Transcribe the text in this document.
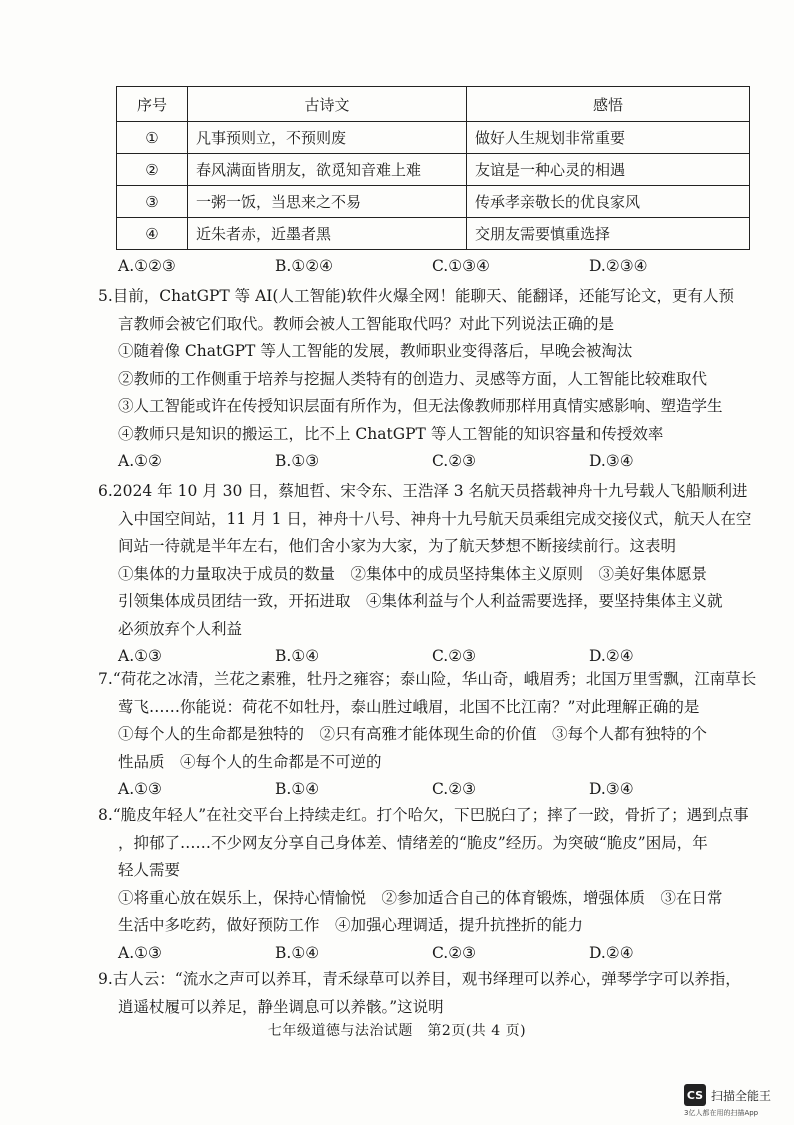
序号	古诗文	感悟
①	凡事预则立，不预则废	做好人生规划非常重要
②	春风满面皆朋友，欲觅知音难上难	友谊是一种心灵的相遇
③	一粥一饭，当思来之不易	传承孝亲敬长的优良家风
④	近朱者赤，近墨者黑	交朋友需要慎重选择
A.①②③	B.①②④	C.①③④	D.②③④
5.目前，ChatGPT 等 AI(人工智能)软件火爆全网！能聊天、能翻译，还能写论文，更有人预
言教师会被它们取代。教师会被人工智能取代吗？对此下列说法正确的是
①随着像 ChatGPT 等人工智能的发展，教师职业变得落后，早晚会被淘汰
②教师的工作侧重于培养与挖掘人类特有的创造力、灵感等方面，人工智能比较难取代
③人工智能或许在传授知识层面有所作为，但无法像教师那样用真情实感影响、塑造学生
④教师只是知识的搬运工，比不上 ChatGPT 等人工智能的知识容量和传授效率
A.①②	B.①③	C.②③	D.③④
6.2024 年 10 月 30 日，蔡旭哲、宋令东、王浩泽 3 名航天员搭载神舟十九号载人飞船顺利进
入中国空间站，11 月 1 日，神舟十八号、神舟十九号航天员乘组完成交接仪式，航天人在空
间站一待就是半年左右，他们舍小家为大家，为了航天梦想不断接续前行。这表明
①集体的力量取决于成员的数量　②集体中的成员坚持集体主义原则　③美好集体愿景
引领集体成员团结一致，开拓进取　④集体利益与个人利益需要选择，要坚持集体主义就
必须放弃个人利益
A.①③	B.①④	C.②③	D.②④
7.“荷花之冰清，兰花之素雅，牡丹之雍容；泰山险，华山奇，峨眉秀；北国万里雪飘，江南草长
莺飞……你能说：荷花不如牡丹，泰山胜过峨眉，北国不比江南？”对此理解正确的是
①每个人的生命都是独特的　②只有高雅才能体现生命的价值　③每个人都有独特的个
性品质　④每个人的生命都是不可逆的
A.①③	B.①④	C.②③	D.③④
8.“脆皮年轻人”在社交平台上持续走红。打个哈欠，下巴脱臼了；摔了一跤，骨折了；遇到点事
，抑郁了……不少网友分享自己身体差、情绪差的“脆皮”经历。为突破“脆皮”困局，年
轻人需要
①将重心放在娱乐上，保持心情愉悦　②参加适合自己的体育锻炼，增强体质　③在日常
生活中多吃药，做好预防工作　④加强心理调适，提升抗挫折的能力
A.①③	B.①④	C.②③	D.②④
9.古人云：“流水之声可以养耳，青禾绿草可以养目，观书绎理可以养心，弹琴学字可以养指，
逍遥杖履可以养足，静坐调息可以养骸。”这说明
七年级道德与法治试题　第2页(共 4 页)
CS 扫描全能王
3亿人都在用的扫描App
